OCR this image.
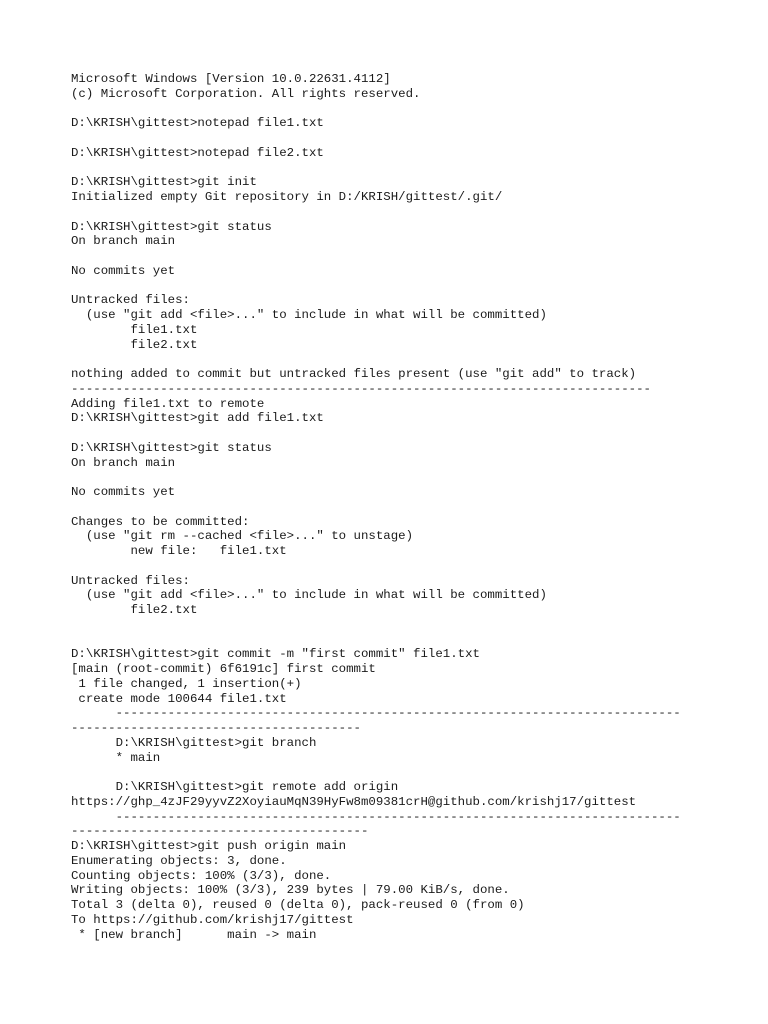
Microsoft Windows [Version 10.0.22631.4112]
(c) Microsoft Corporation. All rights reserved.
D:\KRISH\gittest>notepad file1.txt
D:\KRISH\gittest>notepad file2.txt
D:\KRISH\gittest>git init
Initialized empty Git repository in D:/KRISH/gittest/.git/
D:\KRISH\gittest>git status
On branch main
No commits yet
Untracked files:
(use "git add <file>..." to include in what will be committed)
file1.txt
file2.txt
nothing added to commit but untracked files present (use "git add" to track)
------------------------------------------------------------------------------
Adding file1.txt to remote
D:\KRISH\gittest>git add file1.txt
D:\KRISH\gittest>git status
On branch main
No commits yet
Changes to be committed:
(use "git rm --cached <file>..." to unstage)
new file:   file1.txt
Untracked files:
(use "git add <file>..." to include in what will be committed)
file2.txt
D:\KRISH\gittest>git commit -m "first commit" file1.txt
[main (root-commit) 6f6191c] first commit
1 file changed, 1 insertion(+)
create mode 100644 file1.txt
----------------------------------------------------------------------------
---------------------------------------
D:\KRISH\gittest>git branch
* main
D:\KRISH\gittest>git remote add origin
https://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@github.com/krishj17/gittest
----------------------------------------------------------------------------
----------------------------------------
D:\KRISH\gittest>git push origin main
Enumerating objects: 3, done.
Counting objects: 100% (3/3), done.
Writing objects: 100% (3/3), 239 bytes | 79.00 KiB/s, done.
Total 3 (delta 0), reused 0 (delta 0), pack-reused 0 (from 0)
To https://github.com/krishj17/gittest
* [new branch]      main -> main
